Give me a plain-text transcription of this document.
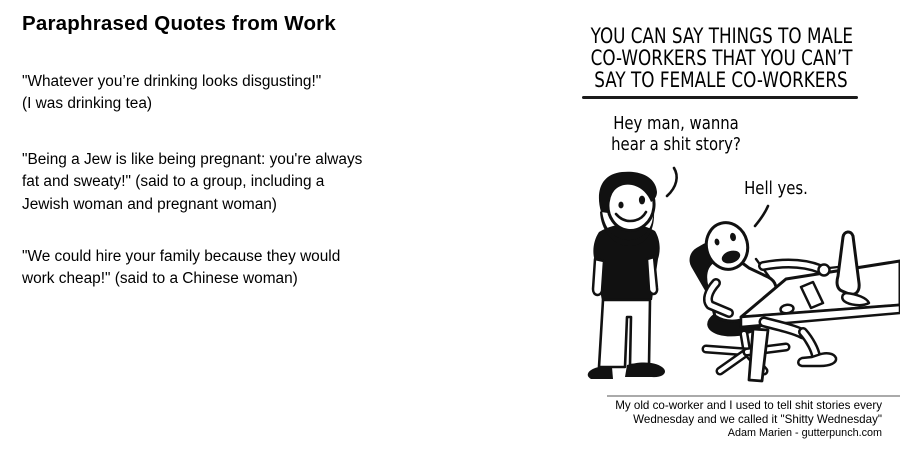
Paraphrased Quotes from Work
"Whatever you’re drinking looks disgusting!"
(I was drinking tea)
"Being a Jew is like being pregnant: you're always
fat and sweaty!" (said to a group, including a
Jewish woman and pregnant woman)
"We could hire your family because they would
work cheap!" (said to a Chinese woman)
YOU CAN SAY THINGS TO MALE
CO-WORKERS THAT YOU CAN’T
SAY TO FEMALE CO-WORKERS
Hey man, wanna
hear a shit story?
Hell yes.
My old co-worker and I used to tell shit stories every
Wednesday and we called it "Shitty Wednesday"
Adam Marien - gutterpunch.com
